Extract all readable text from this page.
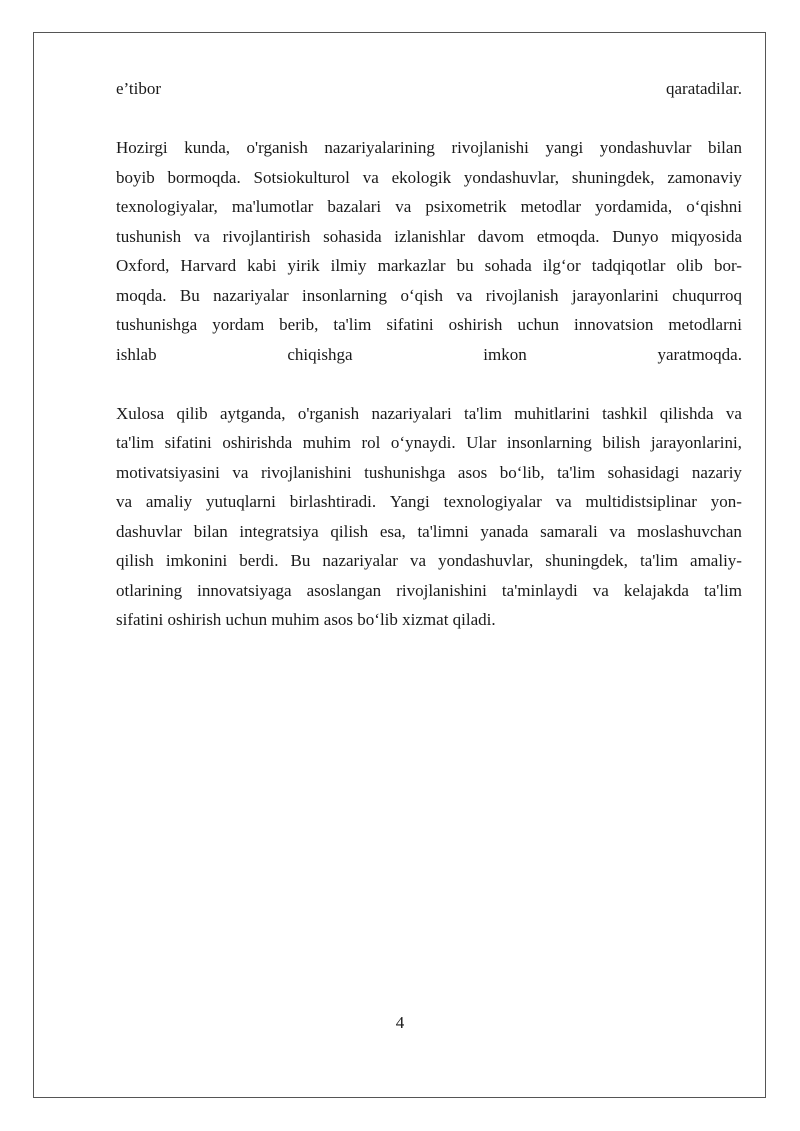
e’tibor	qaratadilar.
Hozirgi kunda, o'rganish nazariyalarining rivojlanishi yangi yondashuvlar bilan
boyib bormoqda. Sotsiokulturol va ekologik yondashuvlar, shuningdek, zamonaviy
texnologiyalar, ma'lumotlar bazalari va psixometrik metodlar yordamida, o‘qishni
tushunish va rivojlantirish sohasida izlanishlar davom etmoqda. Dunyo miqyosida
Oxford, Harvard kabi yirik ilmiy markazlar bu sohada ilg‘or tadqiqotlar olib bor-
moqda. Bu nazariyalar insonlarning o‘qish va rivojlanish jarayonlarini chuqurroq
tushunishga yordam berib, ta'lim sifatini oshirish uchun innovatsion metodlarni
ishlab	chiqishga	imkon	yaratmoqda.
Xulosa qilib aytganda, o'rganish nazariyalari ta'lim muhitlarini tashkil qilishda va
ta'lim sifatini oshirishda muhim rol o‘ynaydi. Ular insonlarning bilish jarayonlarini,
motivatsiyasini va rivojlanishini tushunishga asos bo‘lib, ta'lim sohasidagi nazariy
va amaliy yutuqlarni birlashtiradi. Yangi texnologiyalar va multidistsiplinar yon-
dashuvlar bilan integratsiya qilish esa, ta'limni yanada samarali va moslashuvchan
qilish imkonini berdi. Bu nazariyalar va yondashuvlar, shuningdek, ta'lim amaliy-
otlarining innovatsiyaga asoslangan rivojlanishini ta'minlaydi va kelajakda ta'lim
sifatini oshirish uchun muhim asos bo‘lib xizmat qiladi.
4
